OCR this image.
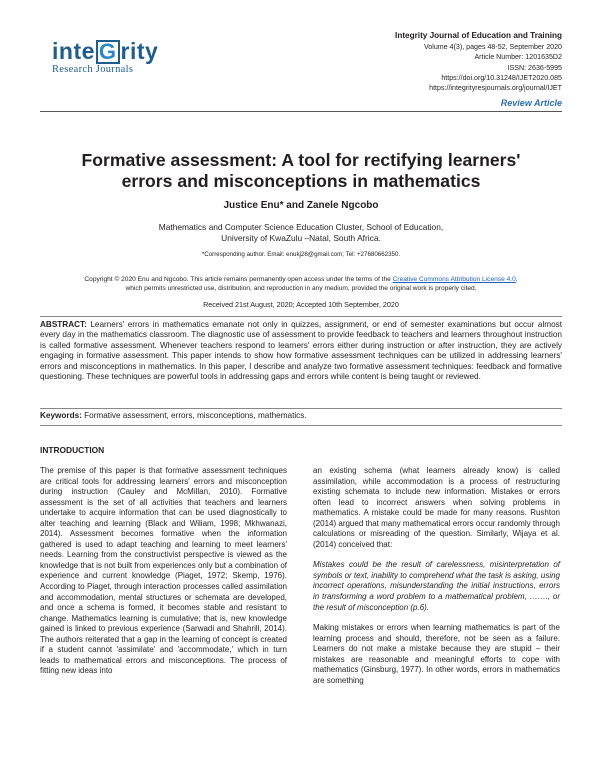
inte G rity
Research Journals
Integrity Journal of Education and Training
Volume 4(3), pages 48-52, September 2020
Article Number: 1201635D2
ISSN: 2636-5995
https://doi.org/10.31248/IJET2020.085
https://integrityresjournals.org/journal/IJET
Review Article
Formative assessment: A tool for rectifying learners'
errors and misconceptions in mathematics
Justice Enu* and Zanele Ngcobo
Mathematics and Computer Science Education Cluster, School of Education,
University of KwaZulu –Natal, South Africa.
*Corresponding author. Email: enukj28@gmail.com; Tel: +27680662350.
Copyright © 2020 Enu and Ngcobo. This article remains permanently open access under the terms of the Creative Commons Attribution License 4.0,
which permits unrestricted use, distribution, and reproduction in any medium, provided the original work is properly cited.
Received 21st August, 2020; Accepted 10th September, 2020
ABSTRACT: Learners' errors in mathematics emanate not only in quizzes, assignment, or end of semester examinations but occur almost every day in the mathematics classroom. The diagnostic use of assessment to provide feedback to teachers and learners throughout instruction is called formative assessment. Whenever teachers respond to learners' errors either during instruction or after instruction, they are actively engaging in formative assessment. This paper intends to show how formative assessment techniques can be utilized in addressing learners' errors and misconceptions in mathematics. In this paper, I describe and analyze two formative assessment techniques: feedback and formative questioning. These techniques are powerful tools in addressing gaps and errors while content is being taught or reviewed.
Keywords: Formative assessment, errors, misconceptions, mathematics.
INTRODUCTION

The premise of this paper is that formative assessment techniques are critical tools for addressing learners' errors and misconception during instruction (Cauley and McMillan, 2010). Formative assessment is the set of all activities that teachers and learners undertake to acquire information that can be used diagnostically to alter teaching and learning (Black and Wiliam, 1998; Mkhwanazi, 2014). Assessment becomes formative when the information gathered is used to adapt teaching and learning to meet learners' needs. Learning from the constructivist perspective is viewed as the knowledge that is not built from experiences only but a combination of experience and current knowledge (Piaget, 1972; Skemp, 1976). According to Piaget, through interaction processes called assimilation and accommodation, mental structures or schemata are developed, and once a schema is formed, it becomes stable and resistant to change. Mathematics learning is cumulative; that is, new knowledge gained is linked to previous experience (Sarwadi and Shahrill, 2014). The authors reiterated that a gap in the learning of concept is created if a student cannot 'assimilate' and 'accommodate,' which in turn leads to mathematical errors and misconceptions. The process of fitting new ideas into

an existing schema (what learners already know) is called assimilation, while accommodation is a process of restructuring existing schemata to include new information. Mistakes or errors often lead to incorrect answers when solving problems in mathematics. A mistake could be made for many reasons. Rushton (2014) argued that many mathematical errors occur randomly through calculations or misreading of the question. Similarly, Wijaya et al. (2014) conceived that:

Mistakes could be the result of carelessness, misinterpretation of symbols or text, inability to comprehend what the task is asking, using incorrect operations, misunderstanding the initial instructions, errors in transforming a word problem to a mathematical problem, ……., or the result of misconception (p.6).

Making mistakes or errors when learning mathematics is part of the learning process and should, therefore, not be seen as a failure. Learners do not make a mistake because they are stupid – their mistakes are reasonable and meaningful efforts to cope with mathematics (Ginsburg, 1977). In other words, errors in mathematics are something
